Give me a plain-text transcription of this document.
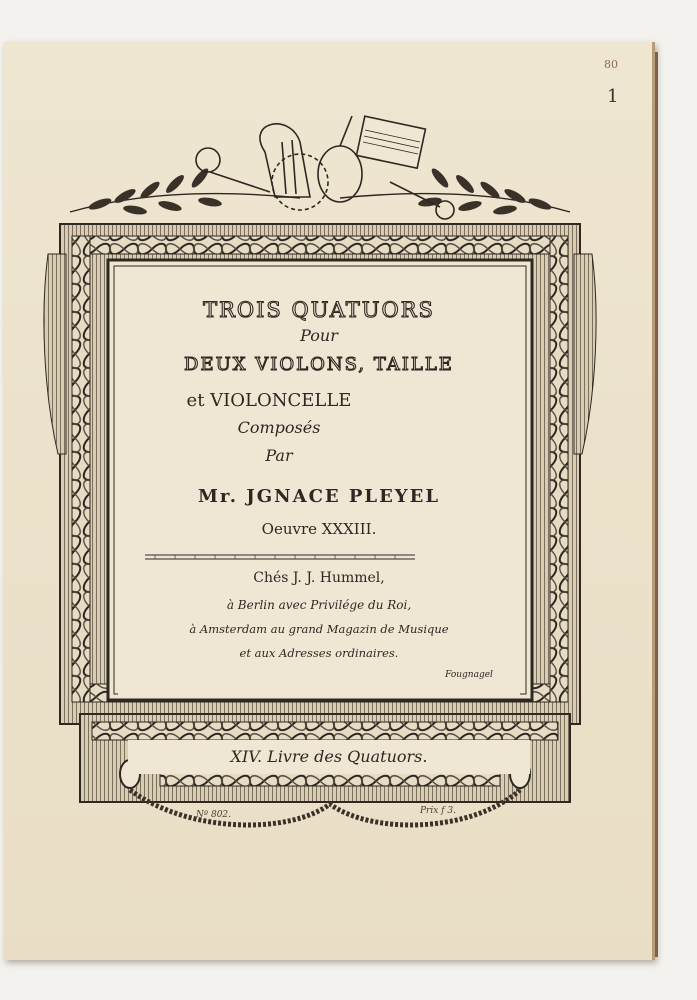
80
1
TROIS QUATUORS
Pour
DEUX VIOLONS, TAILLE
et VIOLONCELLE
Composés
Par
Mr. JGNACE PLEYEL
Oeuvre XXXIII.
Chés J. J. Hummel,
à Berlin avec Privilége du Roi,
à Amsterdam au grand Magazin de Musique
et aux Adresses ordinaires.
Fougnagel
XIV. Livre des Quatuors.
Nº 802.	Prix f 3.
